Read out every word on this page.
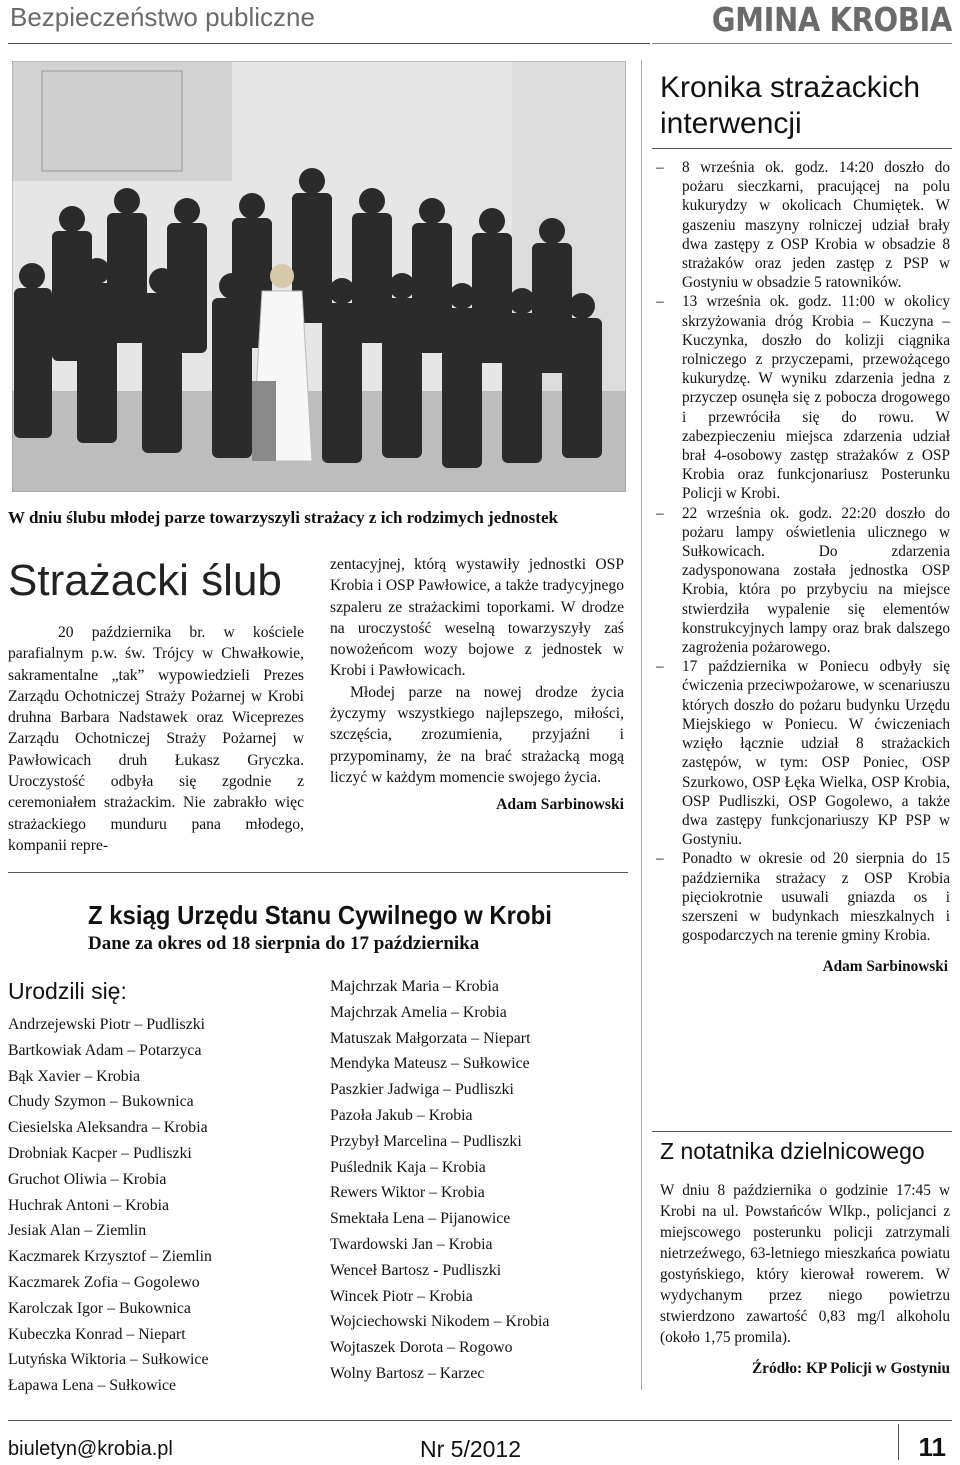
Bezpieczeństwo publiczne	GMINA KROBIA
W dniu ślubu młodej parze towarzyszyli strażacy z ich rodzimych jednostek
Strażacki ślub

20 października br. w kościele parafialnym p.w. św. Trójcy w Chwałkowie, sakramentalne „tak” wypowiedzieli Prezes Zarządu Ochotniczej Straży Pożarnej w Krobi druhna Barbara Nadstawek oraz Wiceprezes Zarządu Ochotniczej Straży Pożarnej w Pawłowicach druh Łukasz Gryczka. Uroczystość odbyła się zgodnie z ceremoniałem strażackim. Nie zabrakło więc strażackiego munduru pana młodego, kompanii repre-

zentacyjnej, którą wystawiły jednostki OSP Krobia i OSP Pawłowice, a także tradycyjnego szpaleru ze strażackimi toporkami. W drodze na uroczystość weselną towarzyszyły zaś nowożeńcom wozy bojowe z jednostek w Krobi i Pawłowicach.

Młodej parze na nowej drodze życia życzymy wszystkiego najlepszego, miłości, szczęścia, zrozumienia, przyjaźni i przypominamy, że na brać strażacką mogą liczyć w każdym momencie swojego życia.

Adam Sarbinowski

Z ksiąg Urzędu Stanu Cywilnego w Krobi
Dane za okres od 18 sierpnia do 17 października
Urodzili się:
Andrzejewski Piotr – Pudliszki
Bartkowiak Adam – Potarzyca
Bąk Xavier – Krobia
Chudy Szymon – Bukownica
Ciesielska Aleksandra – Krobia
Drobniak Kacper – Pudliszki
Gruchot Oliwia – Krobia
Huchrak Antoni – Krobia
Jesiak Alan – Ziemlin
Kaczmarek Krzysztof – Ziemlin
Kaczmarek Zofia – Gogolewo
Karolczak Igor – Bukownica
Kubeczka Konrad – Niepart
Lutyńska Wiktoria – Sułkowice
Łapawa Lena – Sułkowice
Majchrzak Maria – Krobia
Majchrzak Amelia – Krobia
Matuszak Małgorzata – Niepart
Mendyka Mateusz – Sułkowice
Paszkier Jadwiga – Pudliszki
Pazoła Jakub – Krobia
Przybył Marcelina – Pudliszki
Puślednik Kaja – Krobia
Rewers Wiktor – Krobia
Smektała Lena – Pijanowice
Twardowski Jan – Krobia
Wenceł Bartosz - Pudliszki
Wincek Piotr – Krobia
Wojciechowski Nikodem – Krobia
Wojtaszek Dorota – Rogowo
Wolny Bartosz – Karzec
Kronika strażackich interwencji
– 8 września ok. godz. 14:20 doszło do pożaru sieczkarni, pracującej na polu kukurydzy w okolicach Chumiętek. W gaszeniu maszyny rolniczej udział brały dwa zastępy z OSP Krobia w obsadzie 8 strażaków oraz jeden zastęp z PSP w Gostyniu w obsadzie 5 ratowników.
– 13 września ok. godz. 11:00 w okolicy skrzyżowania dróg Krobia – Kuczyna – Kuczynka, doszło do kolizji ciągnika rolniczego z przyczepami, przewożącego kukurydzę. W wyniku zdarzenia jedna z przyczep osunęła się z pobocza drogowego i przewróciła się do rowu. W zabezpieczeniu miejsca zdarzenia udział brał 4-osobowy zastęp strażaków z OSP Krobia oraz funkcjonariusz Posterunku Policji w Krobi.
– 22 września ok. godz. 22:20 doszło do pożaru lampy oświetlenia ulicznego w Sułkowicach. Do zdarzenia zadysponowana została jednostka OSP Krobia, która po przybyciu na miejsce stwierdziła wypalenie się elementów konstrukcyjnych lampy oraz brak dalszego zagrożenia pożarowego.
– 17 października w Poniecu odbyły się ćwiczenia przeciwpożarowe, w scenariuszu których doszło do pożaru budynku Urzędu Miejskiego w Poniecu. W ćwiczeniach wzięło łącznie udział 8 strażackich zastępów, w tym: OSP Poniec, OSP Szurkowo, OSP Łęka Wielka, OSP Krobia, OSP Pudliszki, OSP Gogolewo, a także dwa zastępy funkcjonariuszy KP PSP w Gostyniu.
– Ponadto w okresie od 20 sierpnia do 15 października strażacy z OSP Krobia pięciokrotnie usuwali gniazda os i szerszeni w budynkach mieszkalnych i gospodarczych na terenie gminy Krobia.
Adam Sarbinowski
Z notatnika dzielnicowego

W dniu 8 października o godzinie 17:45 w Krobi na ul. Powstańców Wlkp., policjanci z miejscowego posterunku policji zatrzymali nietrzeźwego, 63-letniego mieszkańca powiatu gostyńskiego, który kierował rowerem. W wydychanym przez niego powietrzu stwierdzono zawartość 0,83 mg/l alkoholu (około 1,75 promila).

Źródło: KP Policji w Gostyniu

biuletyn@krobia.pl	Nr 5/2012	11
